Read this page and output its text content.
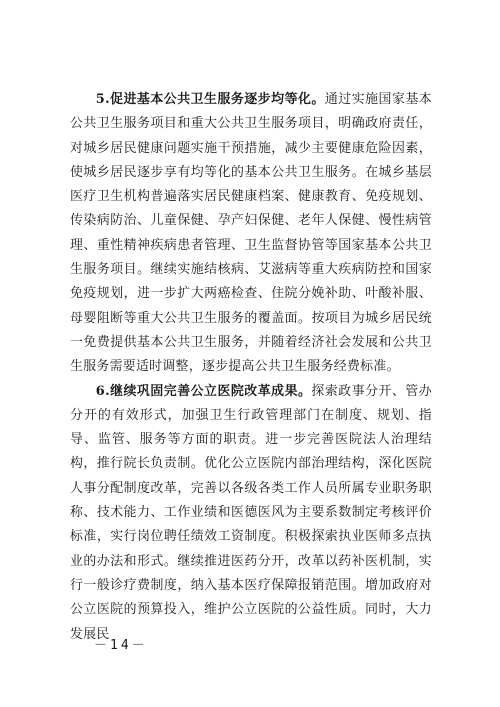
5.促进基本公共卫生服务逐步均等化。通过实施国家基本公共卫生服务项目和重大公共卫生服务项目，明确政府责任，对城乡居民健康问题实施干预措施，减少主要健康危险因素，使城乡居民逐步享有均等化的基本公共卫生服务。在城乡基层医疗卫生机构普遍落实居民健康档案、健康教育、免疫规划、传染病防治、儿童保健、孕产妇保健、老年人保健、慢性病管理、重性精神疾病患者管理、卫生监督协管等国家基本公共卫生服务项目。继续实施结核病、艾滋病等重大疾病防控和国家免疫规划，进一步扩大两癌检查、住院分娩补助、叶酸补服、母婴阻断等重大公共卫生服务的覆盖面。按项目为城乡居民统一免费提供基本公共卫生服务，并随着经济社会发展和公共卫生服务需要适时调整，逐步提高公共卫生服务经费标准。

6.继续巩固完善公立医院改革成果。探索政事分开、管办分开的有效形式，加强卫生行政管理部门在制度、规划、指导、监管、服务等方面的职责。进一步完善医院法人治理结构，推行院长负责制。优化公立医院内部治理结构，深化医院人事分配制度改革，完善以各级各类工作人员所属专业职务职称、技术能力、工作业绩和医德医风为主要系数制定考核评价标准，实行岗位聘任绩效工资制度。积极探索执业医师多点执业的办法和形式。继续推进医药分开，改革以药补医机制，实行一般诊疗费制度，纳入基本医疗保障报销范围。增加政府对公立医院的预算投入，维护公立医院的公益性质。同时，大力发展民

－14－
